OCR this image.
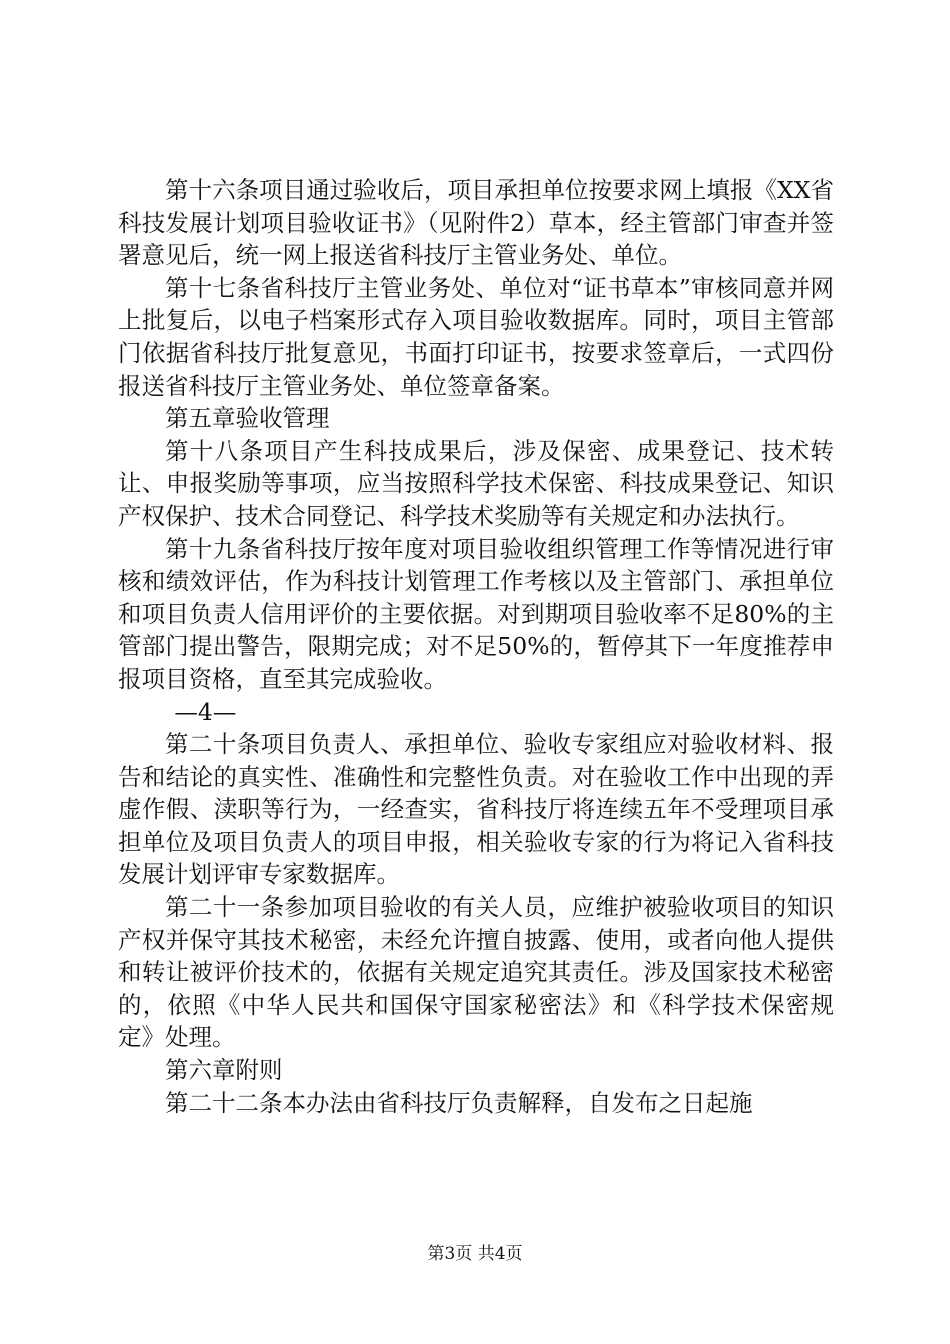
第十六条项目通过验收后，项目承担单位按要求网上填报《XX省科技发展计划项目验收证书》（见附件2）草本，经主管部门审查并签署意见后，统一网上报送省科技厅主管业务处、单位。

第十七条省科技厅主管业务处、单位对“证书草本”审核同意并网上批复后，以电子档案形式存入项目验收数据库。同时，项目主管部门依据省科技厅批复意见，书面打印证书，按要求签章后，一式四份报送省科技厅主管业务处、单位签章备案。

第五章验收管理

第十八条项目产生科技成果后，涉及保密、成果登记、技术转让、申报奖励等事项，应当按照科学技术保密、科技成果登记、知识产权保护、技术合同登记、科学技术奖励等有关规定和办法执行。

第十九条省科技厅按年度对项目验收组织管理工作等情况进行审核和绩效评估，作为科技计划管理工作考核以及主管部门、承担单位和项目负责人信用评价的主要依据。对到期项目验收率不足80%的主管部门提出警告，限期完成；对不足50%的，暂停其下一年度推荐申报项目资格，直至其完成验收。

—4—

第二十条项目负责人、承担单位、验收专家组应对验收材料、报告和结论的真实性、准确性和完整性负责。对在验收工作中出现的弄虚作假、渎职等行为，一经查实，省科技厅将连续五年不受理项目承担单位及项目负责人的项目申报，相关验收专家的行为将记入省科技发展计划评审专家数据库。

第二十一条参加项目验收的有关人员，应维护被验收项目的知识产权并保守其技术秘密，未经允许擅自披露、使用，或者向他人提供和转让被评价技术的，依据有关规定追究其责任。涉及国家技术秘密的，依照《中华人民共和国保守国家秘密法》和《科学技术保密规定》处理。

第六章附则

第二十二条本办法由省科技厅负责解释，自发布之日起施

第3页 共4页
